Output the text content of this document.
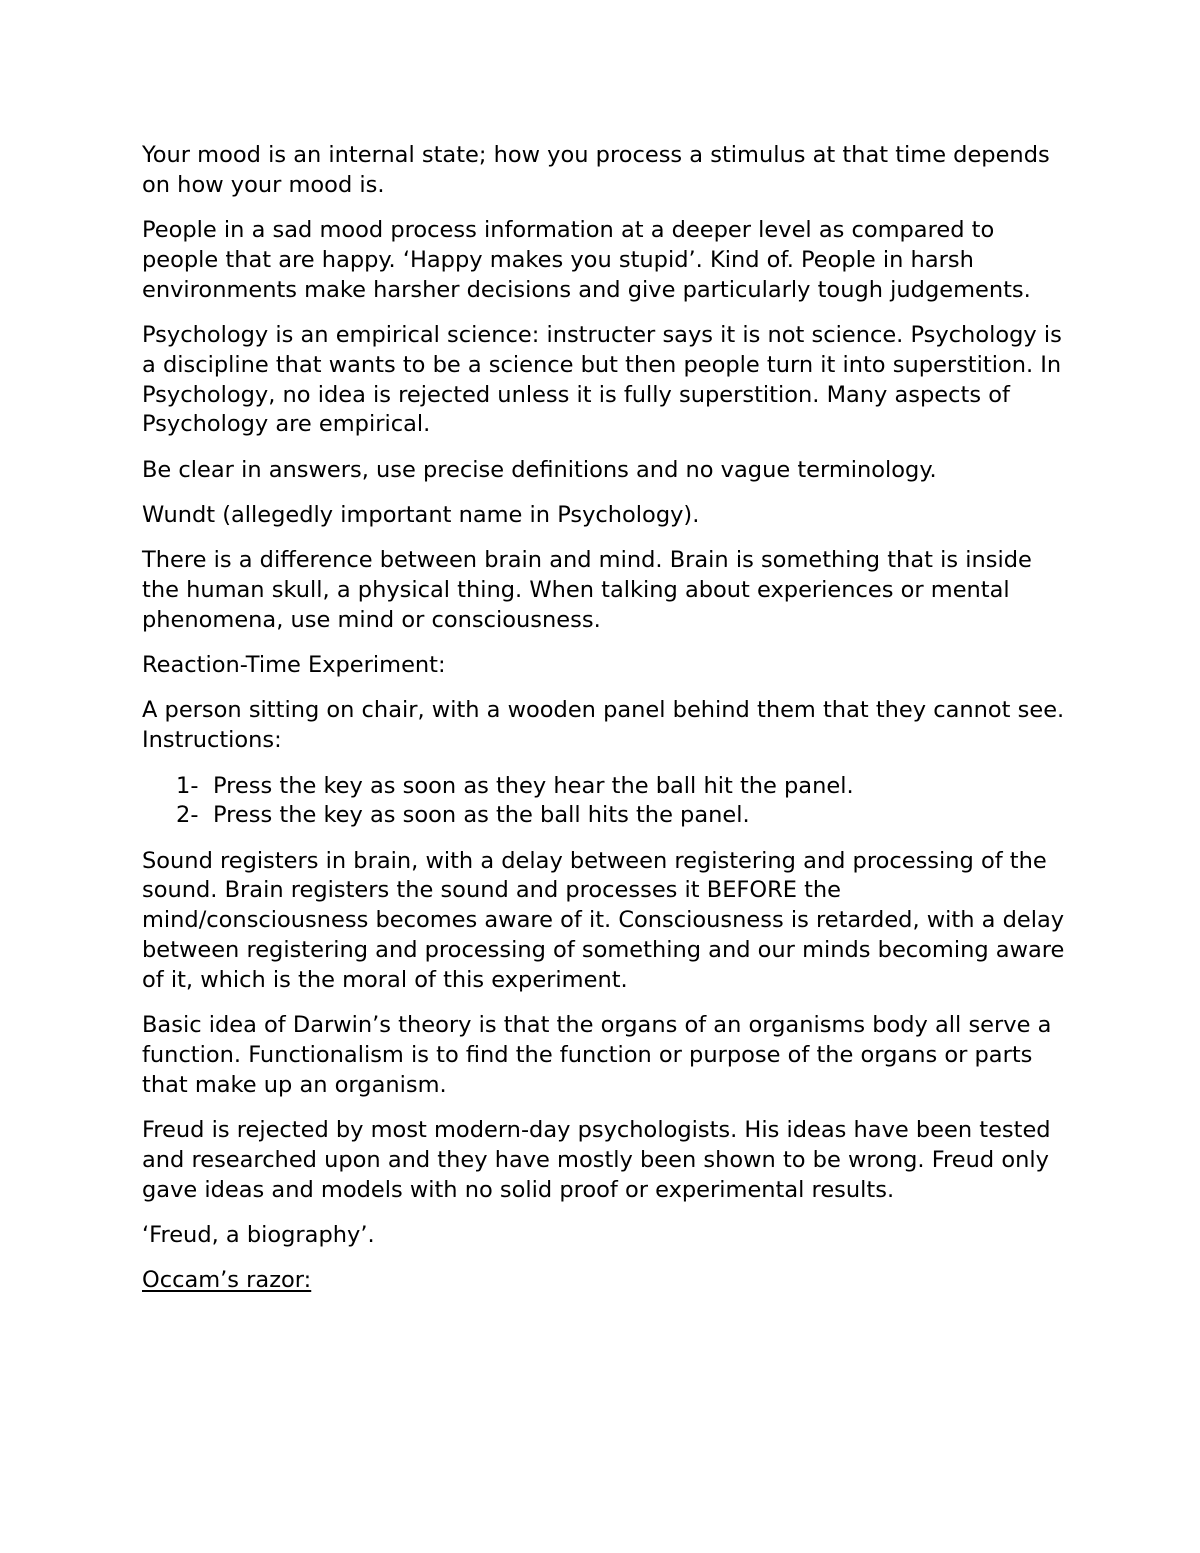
Your mood is an internal state; how you process a stimulus at that time depends on how your mood is.

People in a sad mood process information at a deeper level as compared to people that are happy. ‘Happy makes you stupid’. Kind of. People in harsh environments make harsher decisions and give particularly tough judgements.

Psychology is an empirical science: instructer says it is not science. Psychology is a discipline that wants to be a science but then people turn it into superstition. In Psychology, no idea is rejected unless it is fully superstition. Many aspects of Psychology are empirical.

Be clear in answers, use precise definitions and no vague terminology.

Wundt (allegedly important name in Psychology).

There is a difference between brain and mind. Brain is something that is inside the human skull, a physical thing. When talking about experiences or mental phenomena, use mind or consciousness.

Reaction-Time Experiment:

A person sitting on chair, with a wooden panel behind them that they cannot see. Instructions:

1- Press the key as soon as they hear the ball hit the panel.
2- Press the key as soon as the ball hits the panel.

Sound registers in brain, with a delay between registering and processing of the sound. Brain registers the sound and processes it BEFORE the mind/consciousness becomes aware of it. Consciousness is retarded, with a delay between registering and processing of something and our minds becoming aware of it, which is the moral of this experiment.

Basic idea of Darwin’s theory is that the organs of an organisms body all serve a function. Functionalism is to find the function or purpose of the organs or parts that make up an organism.

Freud is rejected by most modern-day psychologists. His ideas have been tested and researched upon and they have mostly been shown to be wrong. Freud only gave ideas and models with no solid proof or experimental results.

‘Freud, a biography’.

Occam’s razor:
